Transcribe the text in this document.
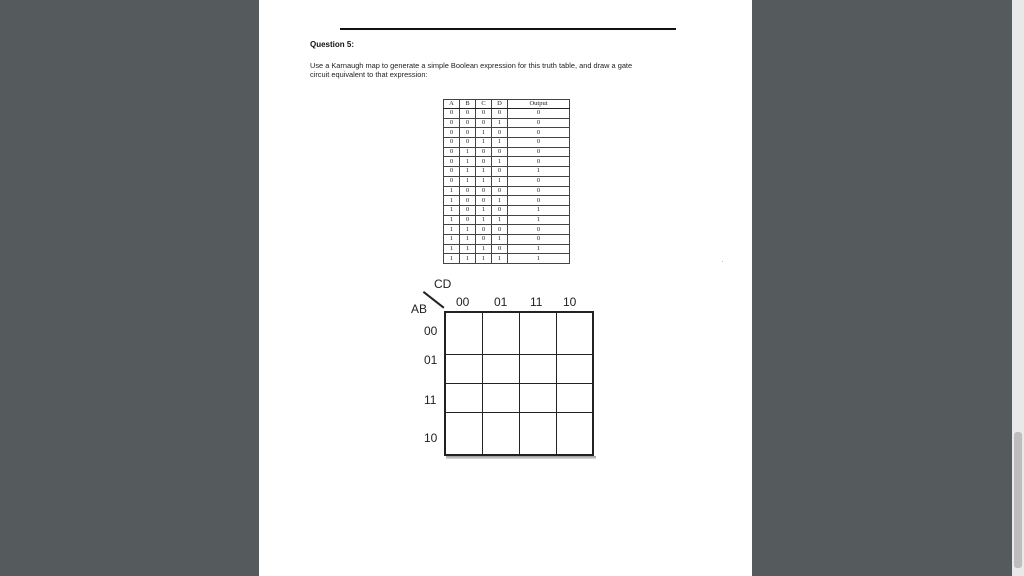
Question 5:
Use a Karnaugh map to generate a simple Boolean expression for this truth table, and draw a gate
circuit equivalent to that expression:
A	B	C	D	Output
0	0	0	0	0
0	0	0	1	0
0	0	1	0	0
0	0	1	1	0
0	1	0	0	0
0	1	0	1	0
0	1	1	0	1
0	1	1	1	0
1	0	0	0	0
1	0	0	1	0
1	0	1	0	1
1	0	1	1	1
1	1	0	0	0
1	1	0	1	0
1	1	1	0	1
1	1	1	1	1
CD
AB 00 01 11 10
00
01
11
10
